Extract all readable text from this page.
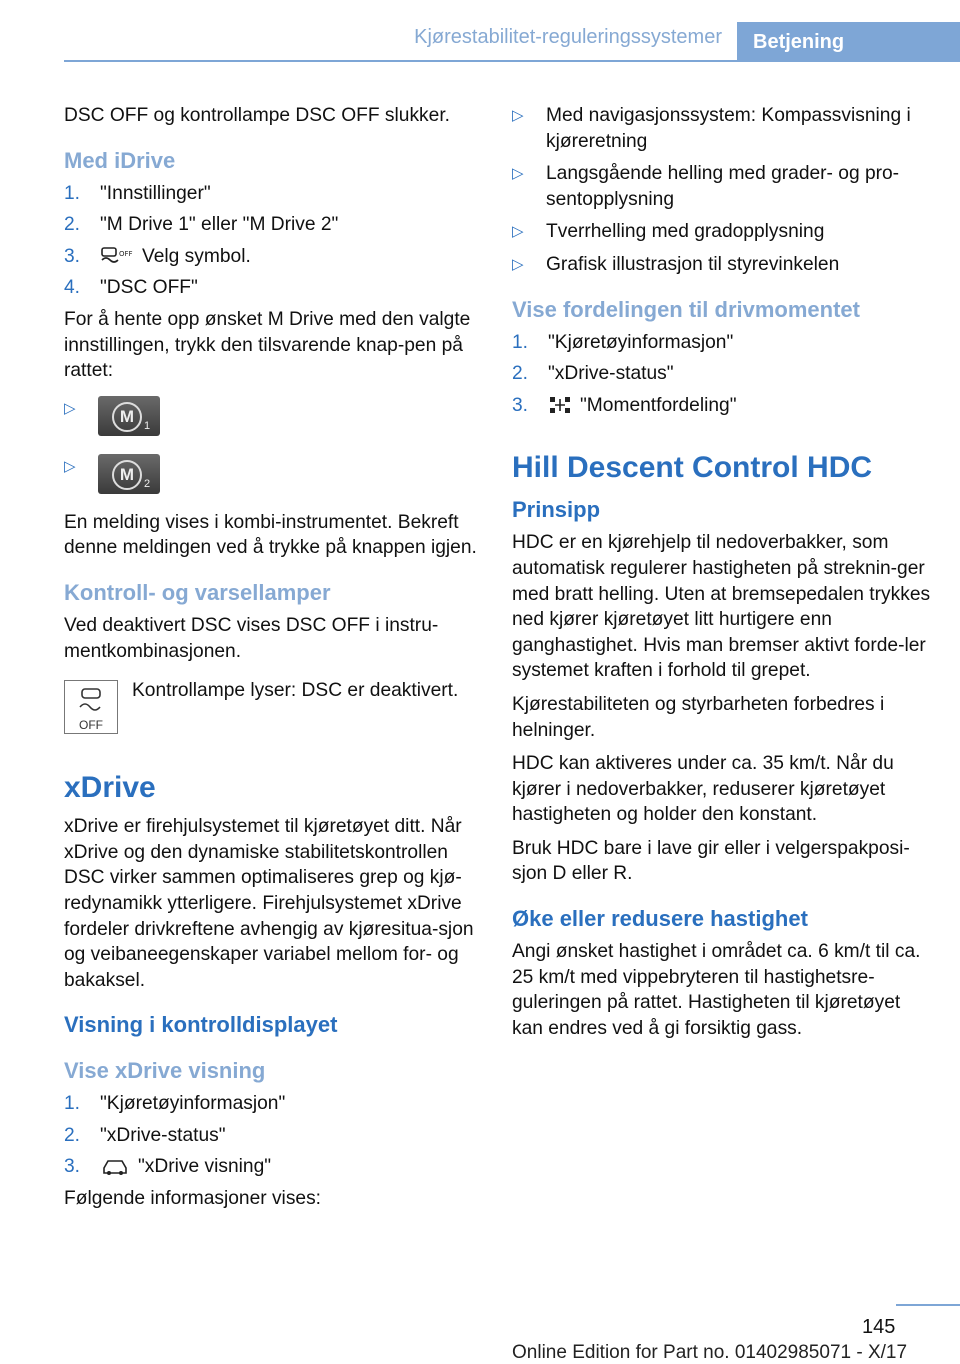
Kjørestabilitet-reguleringssystemer	Betjening

DSC OFF og kontrollampe DSC OFF slukker.

Med iDrive
1. "Innstillinger"
2. "M Drive 1" eller "M Drive 2"
3.	OFF Velg symbol.
4. "DSC OFF"

For å hente opp ønsket M Drive med den valgte innstillingen, trykk den tilsvarende knap-pen på rattet:

▷	M 1
▷	M 2

En melding vises i kombi-instrumentet. Bekreft denne meldingen ved å trykke på knappen igjen.

Kontroll- og varsellamper

Ved deaktivert DSC vises DSC OFF i instru-mentkombinasjonen.

OFF
Kontrollampe lyser: DSC er deaktivert.
xDrive

xDrive er firehjulsystemet til kjøretøyet ditt. Når xDrive og den dynamiske stabilitetskontrollen DSC virker sammen optimaliseres grep og kjø-redynamikk ytterligere. Firehjulsystemet xDrive fordeler drivkreftene avhengig av kjøresitua-sjon og veibaneegenskaper variabel mellom for- og bakaksel.

Visning i kontrolldisplayet
Vise xDrive visning
1. "Kjøretøyinformasjon"
2. "xDrive-status"
3.	"xDrive visning"

Følgende informasjoner vises:

▷ Med navigasjonssystem: Kompassvisning i kjøreretning
▷ Langsgående helling med grader- og pro-sentopplysning
▷ Tverrhelling med gradopplysning
▷ Grafisk illustrasjon til styrevinkelen
Vise fordelingen til drivmomentet
1. "Kjøretøyinformasjon"
2. "xDrive-status"
3.	"Momentfordeling"
Hill Descent Control HDC
Prinsipp

HDC er en kjørehjelp til nedoverbakker, som automatisk regulerer hastigheten på streknin-ger med bratt helling. Uten at bremsepedalen trykkes ned kjører kjøretøyet litt hurtigere enn ganghastighet. Hvis man bremser aktivt forde-ler systemet kraften i forhold til grepet.

Kjørestabiliteten og styrbarheten forbedres i helninger.

HDC kan aktiveres under ca. 35 km/t. Når du kjører i nedoverbakker, reduserer kjøretøyet hastigheten og holder den konstant.

Bruk HDC bare i lave gir eller i velgerspakposi-sjon D eller R.

Øke eller redusere hastighet

Angi ønsket hastighet i området ca. 6 km/t til ca. 25 km/t med vippebryteren til hastighetsre-guleringen på rattet. Hastigheten til kjøretøyet kan endres ved å gi forsiktig gass.

145
Online Edition for Part no. 01402985071 - X/17
